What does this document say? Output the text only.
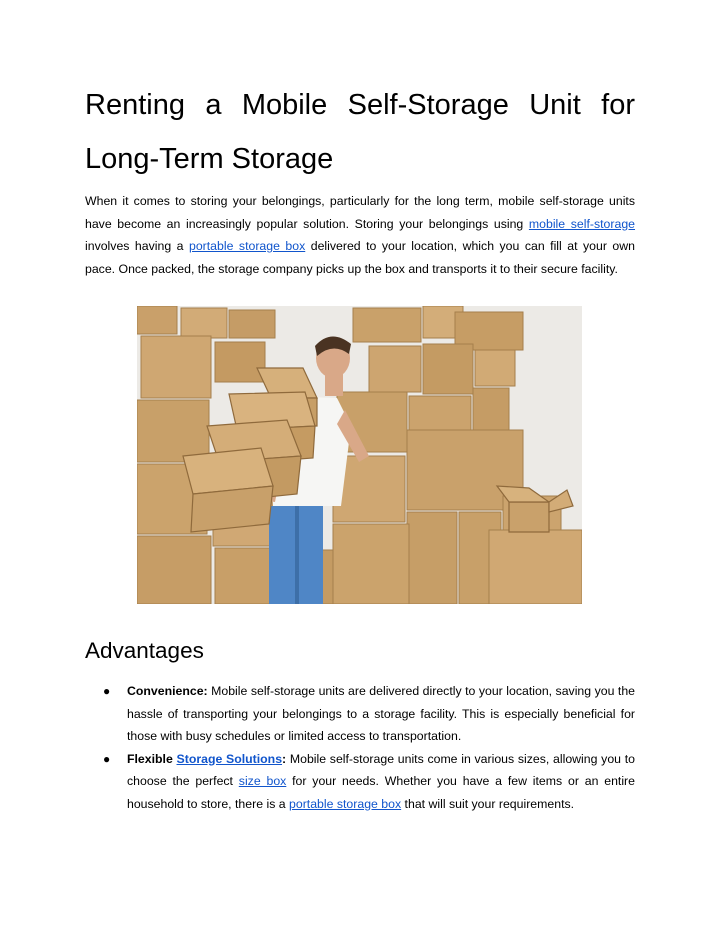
Renting a Mobile Self-Storage Unit for
Long-Term Storage

When it comes to storing your belongings, particularly for the long term, mobile self-storage units have become an increasingly popular solution. Storing your belongings using mobile self-storage involves having a portable storage box delivered to your location, which you can fill at your own pace. Once packed, the storage company picks up the box and transports it to their secure facility.

Advantages
● Convenience: Mobile self-storage units are delivered directly to your location, saving you the hassle of transporting your belongings to a storage facility. This is especially beneficial for those with busy schedules or limited access to transportation.
● Flexible Storage Solutions: Mobile self-storage units come in various sizes, allowing you to choose the perfect size box for your needs. Whether you have a few items or an entire household to store, there is a portable storage box that will suit your requirements.
